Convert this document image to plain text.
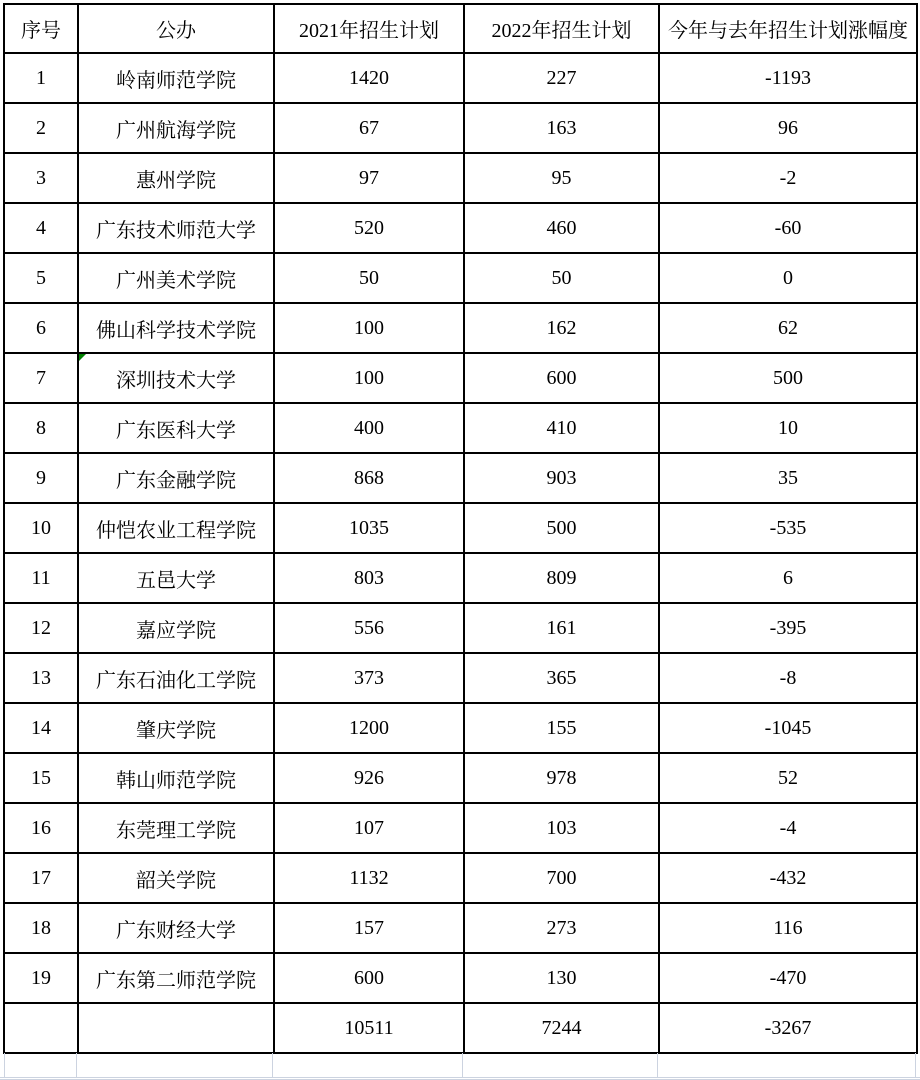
序号	公办	2021年招生计划	2022年招生计划	今年与去年招生计划涨幅度
1	岭南师范学院	1420	227	-1193
2	广州航海学院	67	163	96
3	惠州学院	97	95	-2
4	广东技术师范大学	520	460	-60
5	广州美术学院	50	50	0
6	佛山科学技术学院	100	162	62
7	深圳技术大学	100	600	500
8	广东医科大学	400	410	10
9	广东金融学院	868	903	35
10	仲恺农业工程学院	1035	500	-535
11	五邑大学	803	809	6
12	嘉应学院	556	161	-395
13	广东石油化工学院	373	365	-8
14	肇庆学院	1200	155	-1045
15	韩山师范学院	926	978	52
16	东莞理工学院	107	103	-4
17	韶关学院	1132	700	-432
18	广东财经大学	157	273	116
19	广东第二师范学院	600	130	-470
		10511	7244	-3267
